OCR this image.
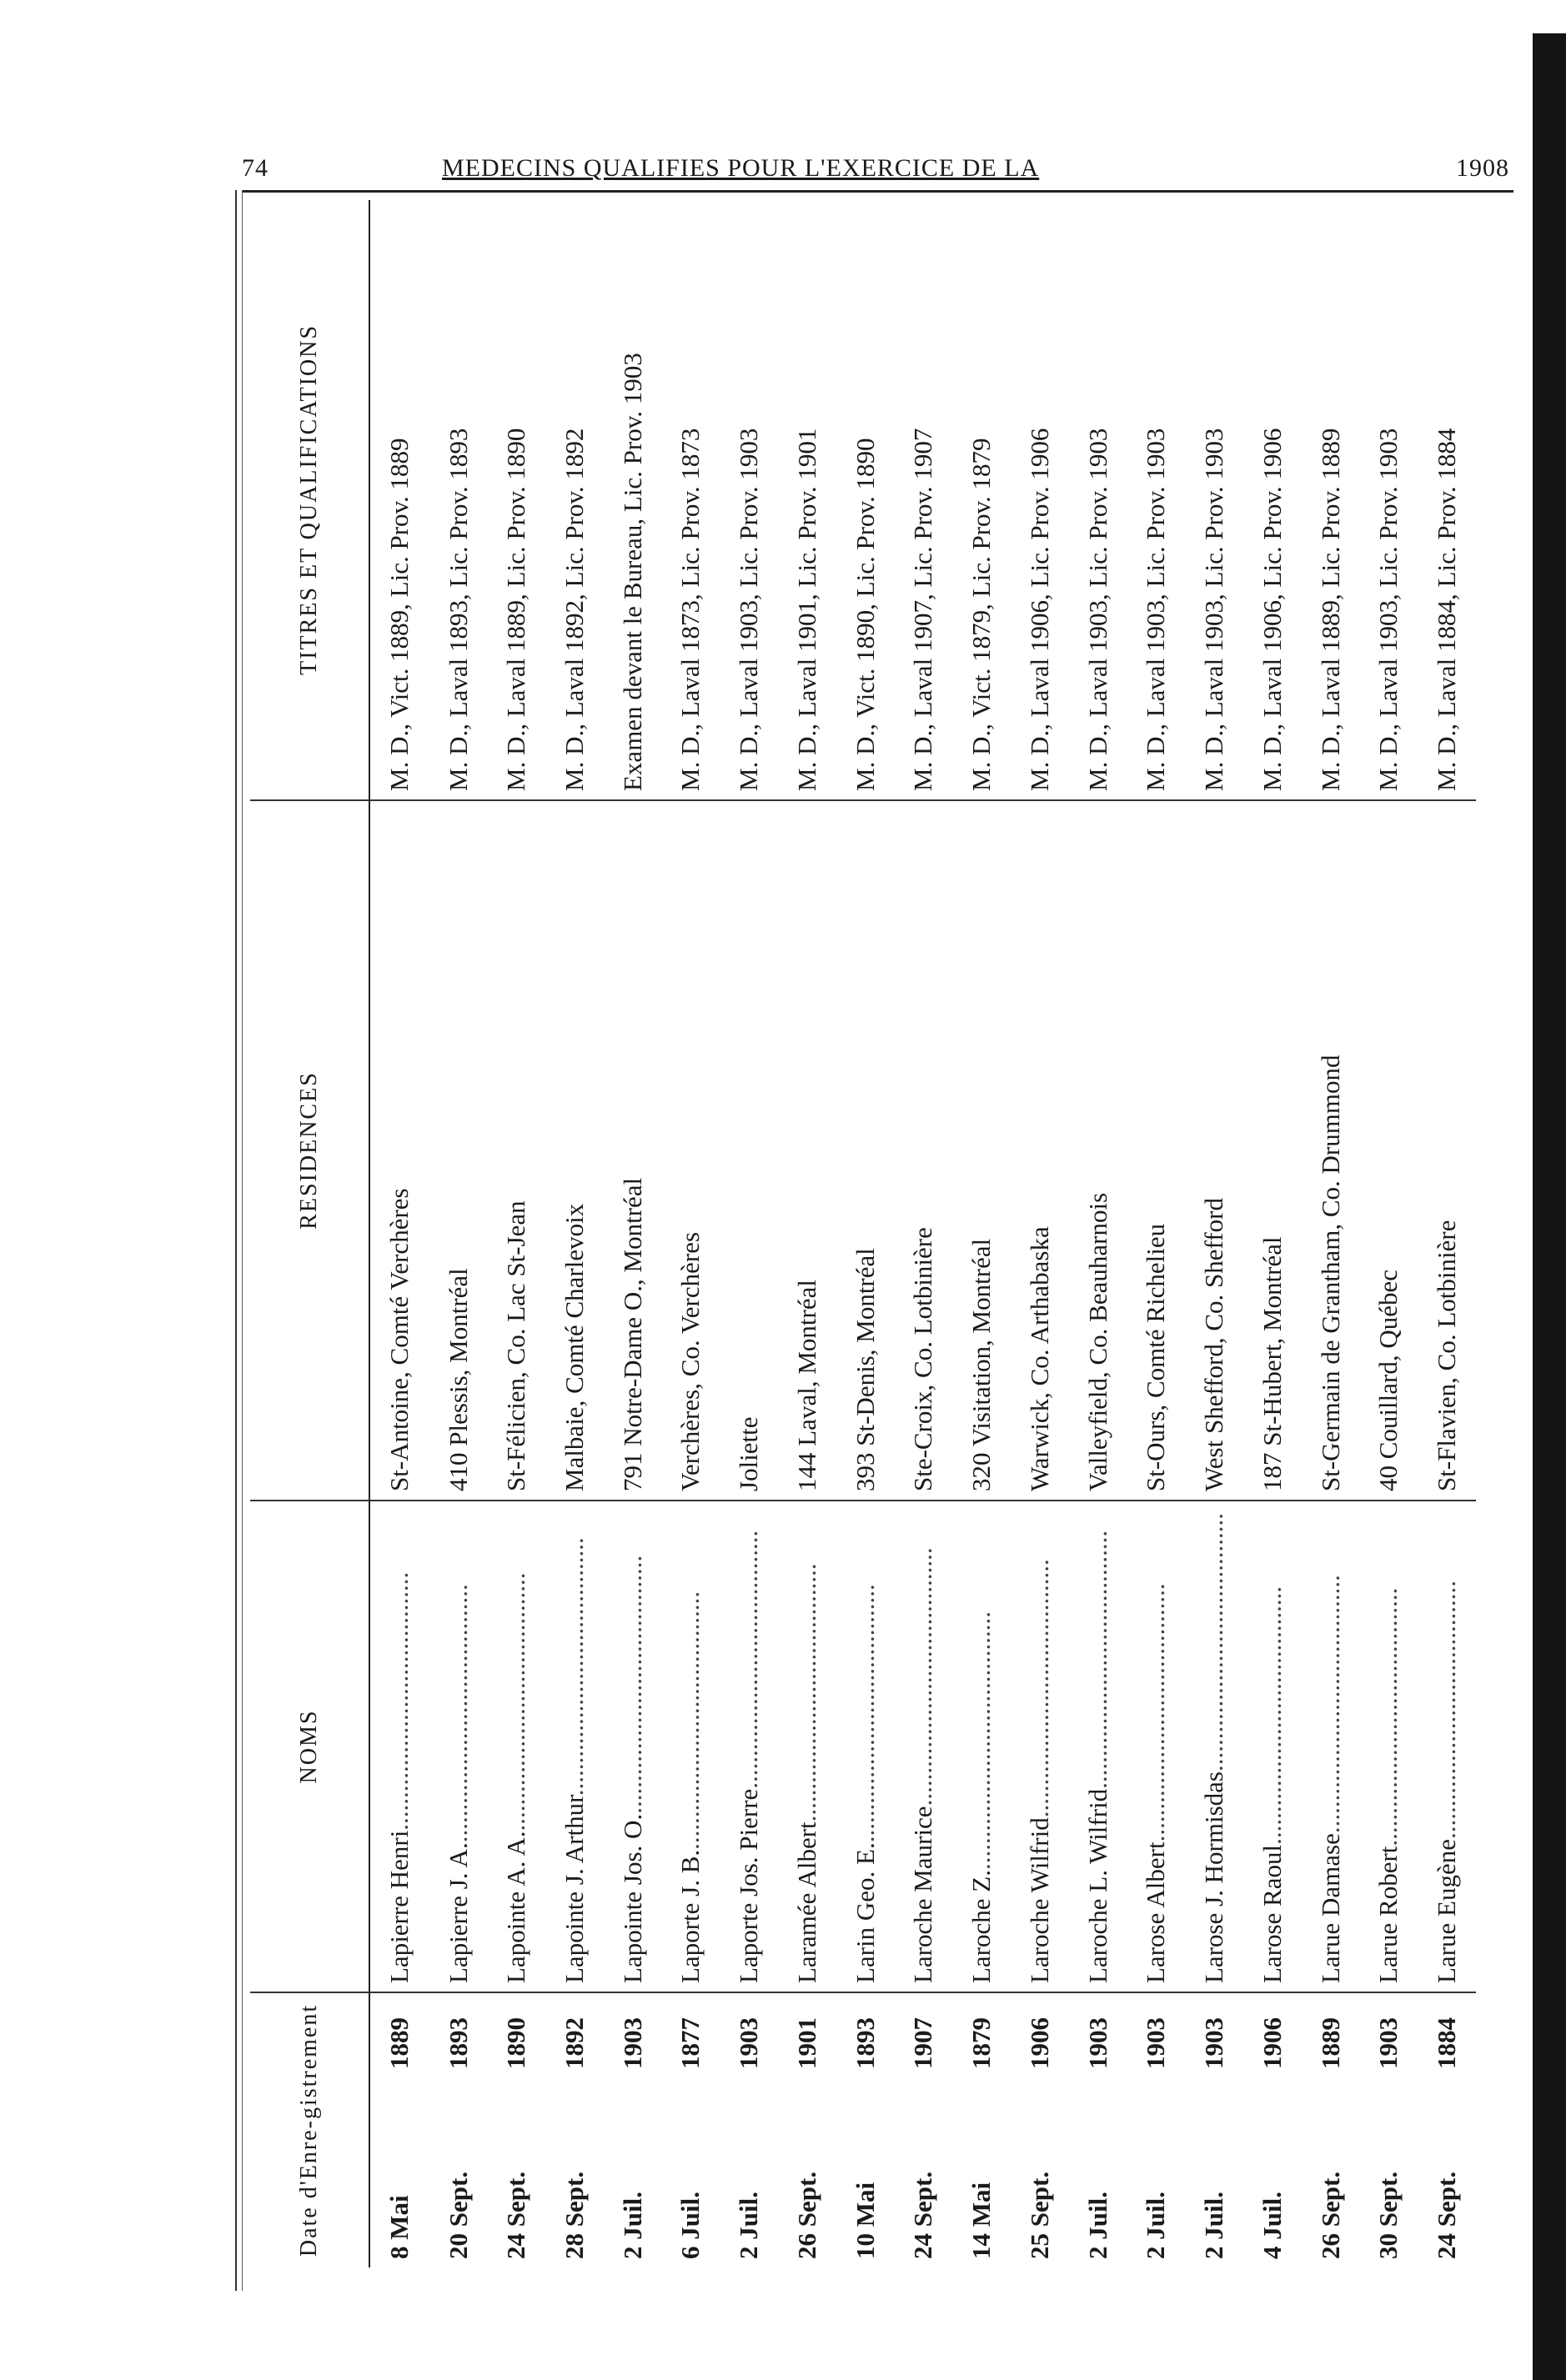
74	MEDECINS QUALIFIES POUR L'EXERCICE DE LA	1908
Date d'Enre-gistrement	NOMS	RESIDENCES	TITRES ET QUALIFICATIONS
8 Mai1889	Lapierre Henri........................................	St-Antoine, Comté Verchères	M. D., Vict. 1889, Lic. Prov. 1889
20 Sept.1893	Lapierre J. A.........................................	410 Plessis, Montréal	M. D., Laval 1893, Lic. Prov. 1893
24 Sept.1890	Lapointe A. A.........................................	St-Félicien, Co. Lac St-Jean	M. D., Laval 1889, Lic. Prov. 1890
28 Sept.1892	Lapointe J. Arthur........................................	Malbaie, Comté Charlevoix	M. D., Laval 1892, Lic. Prov. 1892
2 Juil.1903	Lapointe Jos. O.........................................	791 Notre-Dame O., Montréal	Examen devant le Bureau, Lic. Prov. 1903
6 Juil.1877	Laporte J. B.........................................	Verchères, Co. Verchères	M. D., Laval 1873, Lic. Prov. 1873
2 Juil.1903	Laporte Jos. Pierre........................................	Joliette	M. D., Laval 1903, Lic. Prov. 1903
26 Sept.1901	Laramée Albert........................................	144 Laval, Montréal	M. D., Laval 1901, Lic. Prov. 1901
10 Mai1893	Larin Geo. E.........................................	393 St-Denis, Montréal	M. D., Vict. 1890, Lic. Prov. 1890
24 Sept.1907	Laroche Maurice........................................	Ste-Croix, Co. Lotbinière	M. D., Laval 1907, Lic. Prov. 1907
14 Mai1879	Laroche Z.........................................	320 Visitation, Montréal	M. D., Vict. 1879, Lic. Prov. 1879
25 Sept.1906	Laroche Wilfrid........................................	Warwick, Co. Arthabaska	M. D., Laval 1906, Lic. Prov. 1906
2 Juil.1903	Laroche L. Wilfrid........................................	Valleyfield, Co. Beauharnois	M. D., Laval 1903, Lic. Prov. 1903
2 Juil.1903	Larose Albert........................................	St-Ours, Comté Richelieu	M. D., Laval 1903, Lic. Prov. 1903
2 Juil.1903	Larose J. Hormisdas........................................	West Shefford, Co. Shefford	M. D., Laval 1903, Lic. Prov. 1903
4 Juil.1906	Larose Raoul........................................	187 St-Hubert, Montréal	M. D., Laval 1906, Lic. Prov. 1906
26 Sept.1889	Larue Damase........................................	St-Germain de Grantham, Co. Drummond	M. D., Laval 1889, Lic. Prov. 1889
30 Sept.1903	Larue Robert........................................	40 Couillard, Québec	M. D., Laval 1903, Lic. Prov. 1903
24 Sept.1884	Larue Eugène........................................	St-Flavien, Co. Lotbinière	M. D., Laval 1884, Lic. Prov. 1884
